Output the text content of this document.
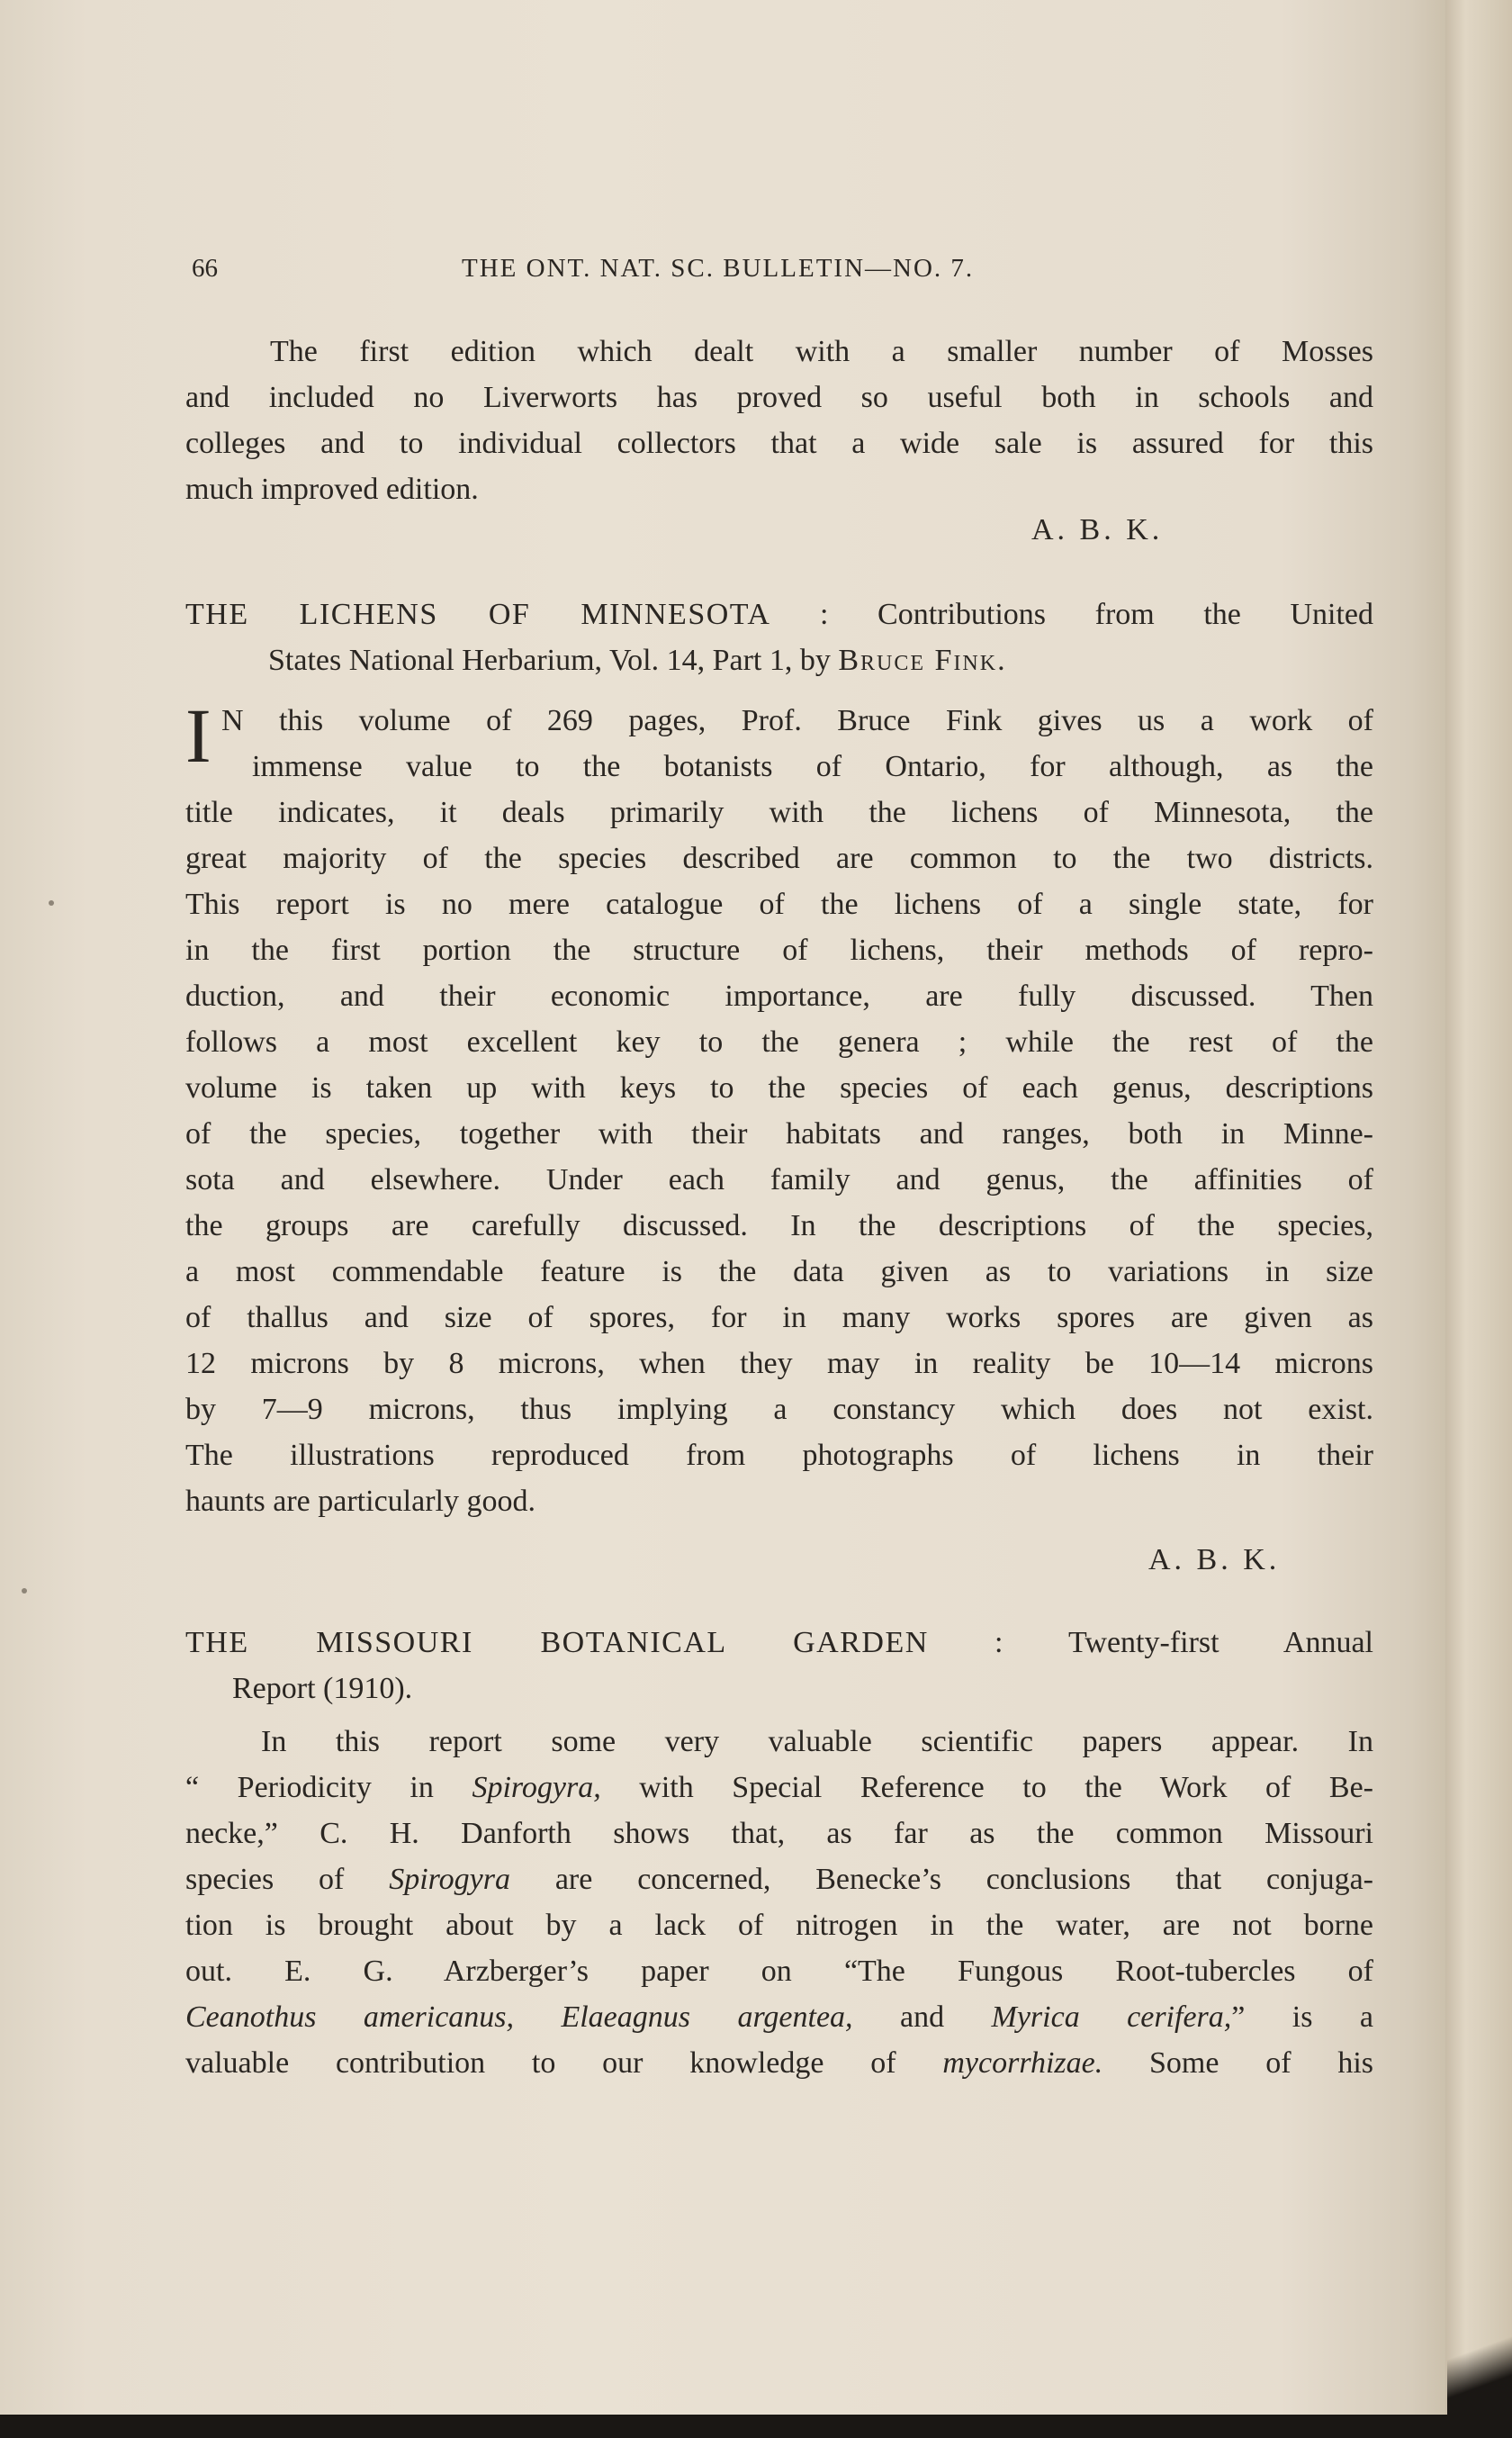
66	THE ONT. NAT. SC. BULLETIN—NO. 7.
The first edition which dealt with a smaller number of Mosses
and included no Liverworts has proved so useful both in schools and
colleges and to individual collectors that a wide sale is assured for this
much improved edition.
A. B. K.
THE LICHENS OF MINNESOTA : Contributions from the United
States National Herbarium, Vol. 14, Part 1, by Bruce Fink.
I N this volume of 269 pages, Prof. Bruce Fink gives us a work of
immense value to the botanists of Ontario, for although, as the
title indicates, it deals primarily with the lichens of Minnesota, the
great majority of the species described are common to the two districts.
This report is no mere catalogue of the lichens of a single state, for
in the first portion the structure of lichens, their methods of repro-
duction, and their economic importance, are fully discussed. Then
follows a most excellent key to the genera ; while the rest of the
volume is taken up with keys to the species of each genus, descriptions
of the species, together with their habitats and ranges, both in Minne-
sota and elsewhere. Under each family and genus, the affinities of
the groups are carefully discussed. In the descriptions of the species,
a most commendable feature is the data given as to variations in size
of thallus and size of spores, for in many works spores are given as
12 microns by 8 microns, when they may in reality be 10—14 microns
by 7—9 microns, thus implying a constancy which does not exist.
The illustrations reproduced from photographs of lichens in their
haunts are particularly good.
A. B. K.
THE MISSOURI BOTANICAL GARDEN : Twenty-first Annual
Report (1910).
In this report some very valuable scientific papers appear. In
“ Periodicity in Spirogyra, with Special Reference to the Work of Be-
necke,” C. H. Danforth shows that, as far as the common Missouri
species of Spirogyra are concerned, Benecke’s conclusions that conjuga-
tion is brought about by a lack of nitrogen in the water, are not borne
out. E. G. Arzberger’s paper on “The Fungous Root-tubercles of
Ceanothus americanus, Elaeagnus argentea, and Myrica cerifera,” is a
valuable contribution to our knowledge of mycorrhizae. Some of his
